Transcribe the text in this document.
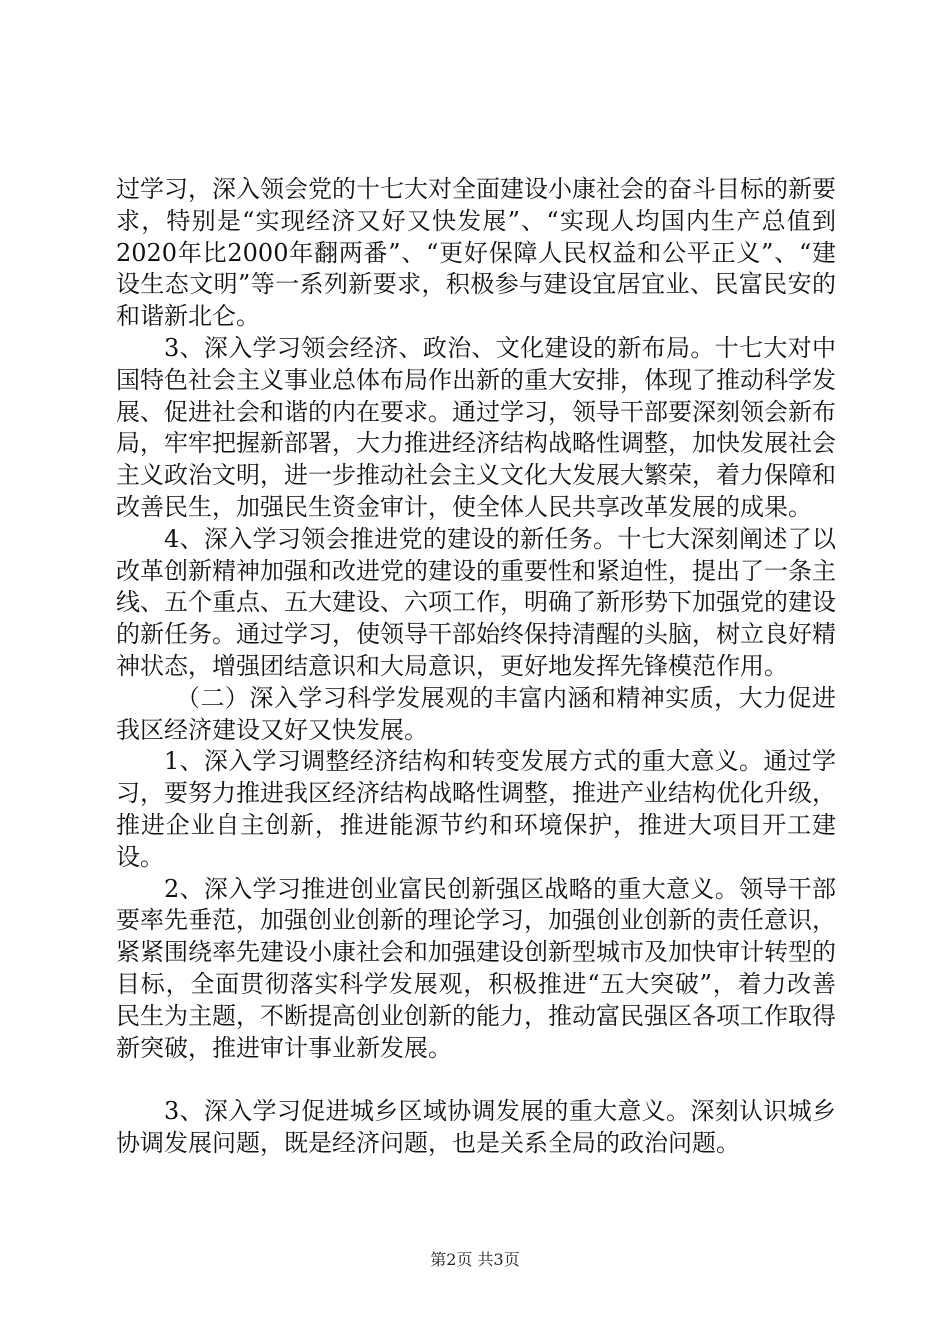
过学习，深入领会党的十七大对全面建设小康社会的奋斗目标的新要求，特别是“实现经济又好又快发展”、“实现人均国内生产总值到2020年比2000年翻两番”、“更好保障人民权益和公平正义”、“建设生态文明”等一系列新要求，积极参与建设宜居宜业、民富民安的和谐新北仑。

3、深入学习领会经济、政治、文化建设的新布局。十七大对中国特色社会主义事业总体布局作出新的重大安排，体现了推动科学发展、促进社会和谐的内在要求。通过学习，领导干部要深刻领会新布局，牢牢把握新部署，大力推进经济结构战略性调整，加快发展社会主义政治文明，进一步推动社会主义文化大发展大繁荣，着力保障和改善民生，加强民生资金审计，使全体人民共享改革发展的成果。

4、深入学习领会推进党的建设的新任务。十七大深刻阐述了以改革创新精神加强和改进党的建设的重要性和紧迫性，提出了一条主线、五个重点、五大建设、六项工作，明确了新形势下加强党的建设的新任务。通过学习，使领导干部始终保持清醒的头脑，树立良好精神状态，增强团结意识和大局意识，更好地发挥先锋模范作用。

（二）深入学习科学发展观的丰富内涵和精神实质，大力促进我区经济建设又好又快发展。

1、深入学习调整经济结构和转变发展方式的重大意义。通过学习，要努力推进我区经济结构战略性调整，推进产业结构优化升级，推进企业自主创新，推进能源节约和环境保护，推进大项目开工建设。

2、深入学习推进创业富民创新强区战略的重大意义。领导干部要率先垂范，加强创业创新的理论学习，加强创业创新的责任意识，紧紧围绕率先建设小康社会和加强建设创新型城市及加快审计转型的目标，全面贯彻落实科学发展观，积极推进“五大突破”，着力改善民生为主题，不断提高创业创新的能力，推动富民强区各项工作取得新突破，推进审计事业新发展。

3、深入学习促进城乡区域协调发展的重大意义。深刻认识城乡协调发展问题，既是经济问题，也是关系全局的政治问题。

第2页 共3页
